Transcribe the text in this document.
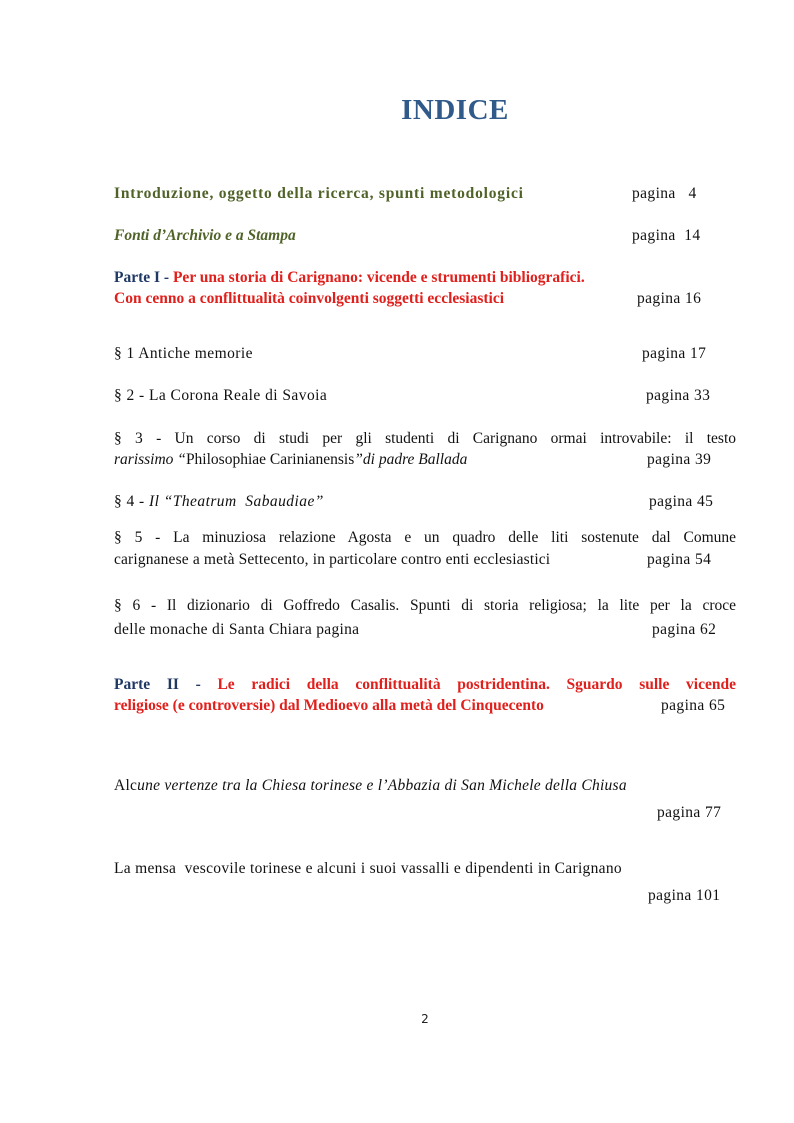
INDICE
Introduzione, oggetto della ricerca, spunti metodologici	pagina   4
Fonti d’Archivio e a Stampa	pagina  14
Parte I - Per una storia di Carignano: vicende e strumenti bibliografici.
Con cenno a conflittualità coinvolgenti soggetti ecclesiastici	pagina 16
§ 1 Antiche memorie	pagina 17
§ 2 - La Corona Reale di Savoia	pagina 33
§ 3 - Un corso di studi per gli studenti di Carignano ormai introvabile: il testo
rarissimo “Philosophiae Carinianensis”di padre Ballada	pagina 39
§ 4 - Il “Theatrum  Sabaudiae”	pagina 45
§ 5 - La minuziosa relazione Agosta e un quadro delle liti sostenute dal Comune
carignanese a metà Settecento, in particolare contro enti ecclesiastici	pagina 54
§ 6 - Il dizionario di Goffredo Casalis. Spunti di storia religiosa; la lite per la croce
delle monache di Santa Chiara pagina	pagina 62
Parte II - Le radici della conflittualità postridentina. Sguardo sulle vicende
religiose (e controversie) dal Medioevo alla metà del Cinquecento	pagina 65
Alcune vertenze tra la Chiesa torinese e l’Abbazia di San Michele della Chiusa
pagina 77
La mensa  vescovile torinese e alcuni i suoi vassalli e dipendenti in Carignano
pagina 101
2
